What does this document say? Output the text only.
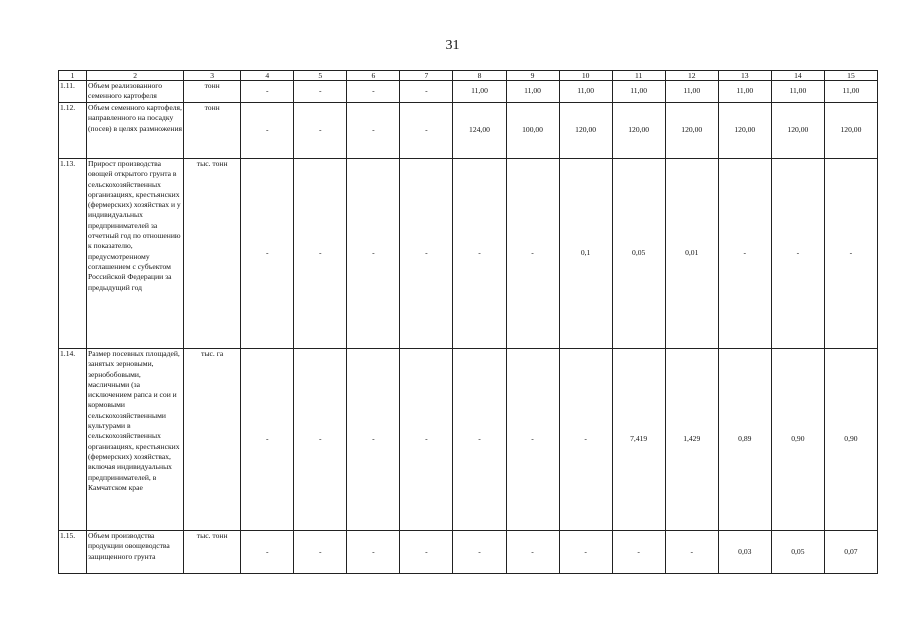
31
1	2	3	4	5	6	7	8	9	10	11	12	13	14	15
1.11.	Объем реализованного семенного картофеля	тонн	-	-	-	-	11,00	11,00	11,00	11,00	11,00	11,00	11,00	11,00
1.12.	Объем семенного картофеля, направленного на посадку (посев) в целях размножения	тонн	-	-	-	-	124,00	100,00	120,00	120,00	120,00	120,00	120,00	120,00
1.13.	Прирост производства овощей открытого грунта в сельскохозяйственных организациях, крестьянских (фермерских) хозяйствах и у индивидуальных предпринимателей за отчетный год по отношению к показателю, предусмотренному соглашением с субъектом Российской Федерации за предыдущий год	тыс. тонн	-	-	-	-	-	-	0,1	0,05	0,01	-	-	-
1.14.	Размер посевных площадей, занятых зерновыми, зернобобовыми, масличными (за исключением рапса и сои и кормовыми сельскохозяйственными культурами в сельскохозяйственных организациях, крестьянских (фермерских) хозяйствах, включая индивидуальных предпринимателей, в Камчатском крае	тыс. га	-	-	-	-	-	-	-	7,419	1,429	0,89	0,90	0,90
1.15.	Объем производства продукции овощеводства защищенного грунта	тыс. тонн	-	-	-	-	-	-	-	-	-	0,03	0,05	0,07
